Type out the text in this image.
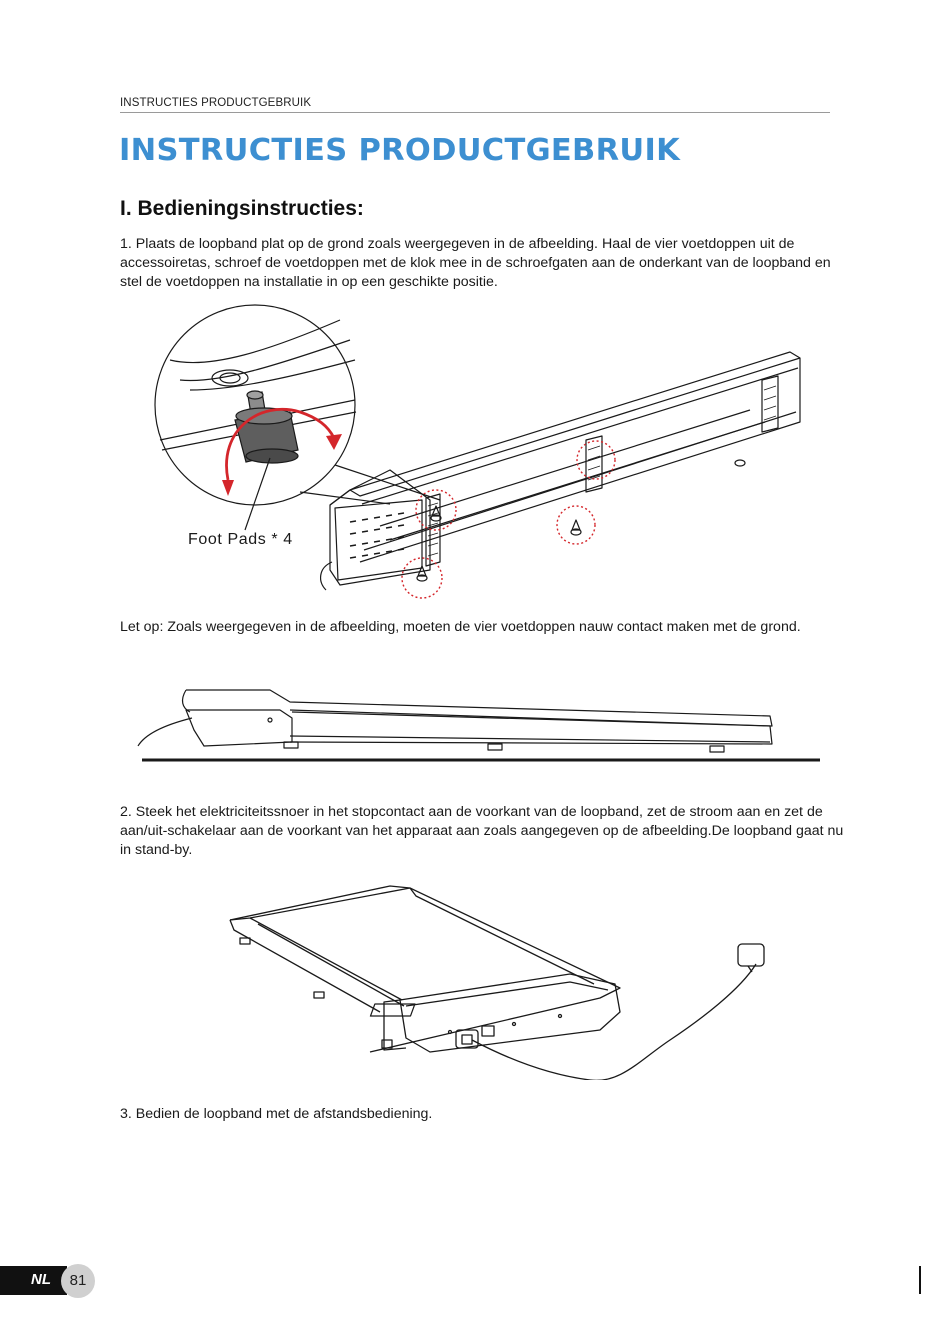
INSTRUCTIES PRODUCTGEBRUIK
INSTRUCTIES PRODUCTGEBRUIK
I. Bedieningsinstructies:

1. Plaats de loopband plat op de grond zoals weergegeven in de afbeelding. Haal de vier voetdoppen uit de accessoiretas, schroef de voetdoppen met de klok mee in de schroefgaten aan de onderkant van de loopband en stel de voetdoppen na installatie in op een geschikte positie.

Foot Pads * 4

Let op: Zoals weergegeven in de afbeelding, moeten de vier voetdoppen nauw contact maken met de grond.

2. Steek het elektriciteitssnoer in het stopcontact aan de voorkant van de loopband, zet de stroom aan en zet de aan/uit-schakelaar aan de voorkant van het apparaat aan zoals aangegeven op de afbeelding.De loopband gaat nu in stand-by.

3. Bedien de loopband met de afstandsbediening.

NL	81
